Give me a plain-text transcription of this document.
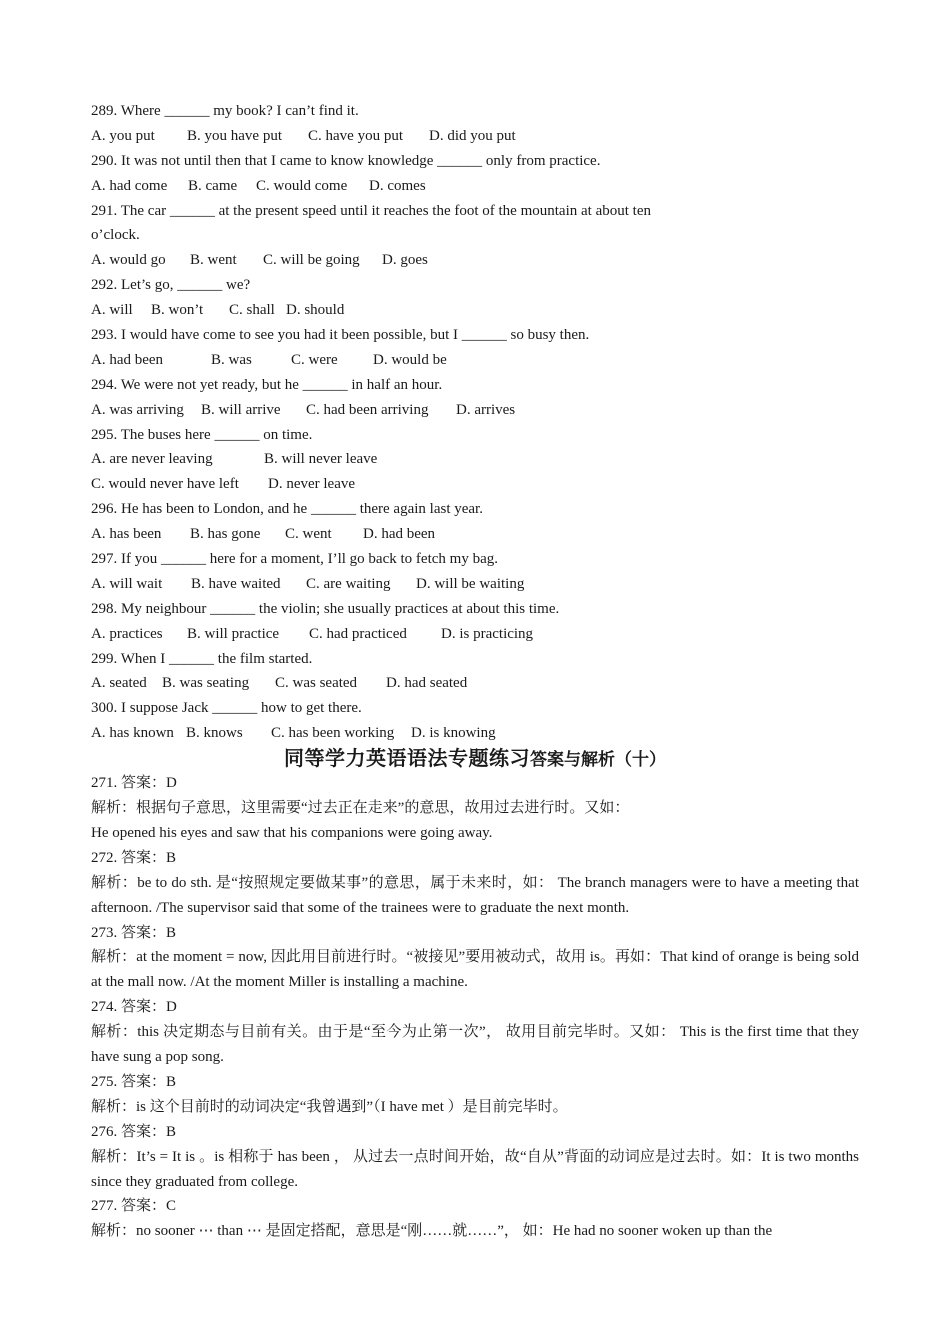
289. Where ______ my book? I can’t find it.
A. you put B. you have put C. have you put D. did you put
290. It was not until then that I came to know knowledge ______ only from practice.
A. had come B. came C. would come D. comes
291. The car ______ at the present speed until it reaches the foot of the mountain at about ten
o’clock.
A. would go B. went C. will be going D. goes
292. Let’s go, ______ we?
A. will B. won’t C. shall D. should
293. I would have come to see you had it been possible, but I ______ so busy then.
A. had been	B. was	C. were D. would be
294. We were not yet ready, but he ______ in half an hour.
A. was arriving B. will arrive C. had been arriving D. arrives
295. The buses here ______ on time.
A. are never leaving	B. will never leave
C. would never have left D. never leave
296. He has been to London, and he ______ there again last year.
A. has been B. has gone C. went D. had been
297. If you ______ here for a moment, I’ll go back to fetch my bag.
A. will wait B. have waited C. are waiting D. will be waiting
298. My neighbour ______ the violin; she usually practices at about this time.
A. practices B. will practice C. had practiced D. is practicing
299. When I ______ the film started.
A. seated B. was seating C. was seated D. had seated
300. I suppose Jack ______ how to get there.
A. has known B. knows C. has been working D. is knowing
同等学力英语语法专题练习答案与解析（十）
271. 答案：D
解析：根据句子意思，这里需要“过去正在走来”的意思，故用过去进行时。又如：
He opened his eyes and saw that his companions were going away.
272. 答案：B
解析：be to do sth. 是“按照规定要做某事”的意思，属于未来时，如： The branch managers were to have a meeting that afternoon. /The supervisor said that some of the trainees were to graduate the next month.
273. 答案：B
解析：at the moment = now, 因此用目前进行时。“被接见”要用被动式，故用 is。再如：That kind of orange is being sold at the mall now. /At the moment Miller is installing a machine.
274. 答案：D
解析：this 决定期态与目前有关。由于是“至今为止第一次”， 故用目前完毕时。又如： This is the first time that they have sung a pop song.
275. 答案：B
解析：is 这个目前时的动词决定“我曾遇到”（I have met ）是目前完毕时。
276. 答案：B
解析：It’s = It is 。is 相称于 has been ， 从过去一点时间开始，故“自从”背面的动词应是过去时。如：It is two months since they graduated from college.
277. 答案：C
解析：no sooner ⋯ than ⋯ 是固定搭配，意思是“刚……就……”， 如：He had no sooner woken up than the
